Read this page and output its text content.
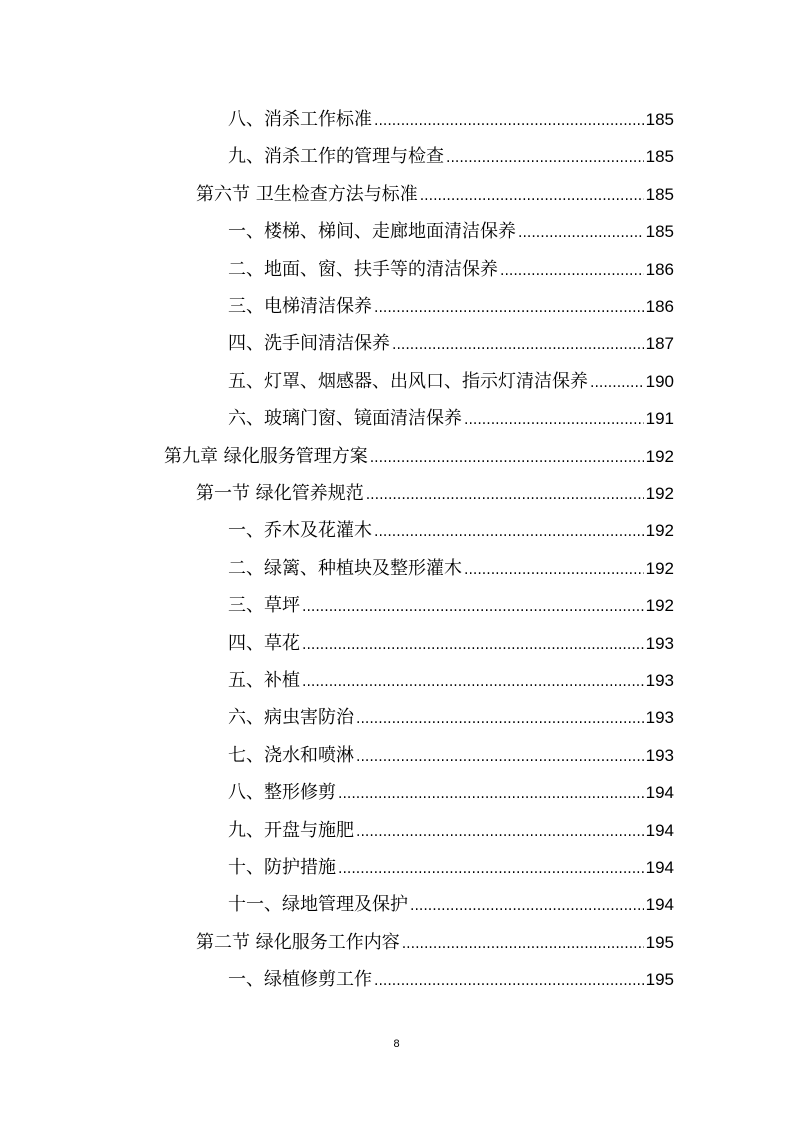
八、消杀工作标准 .....	185
九、消杀工作的管理与检查 .....	185
第六节 卫生检查方法与标准 .....	185
一、楼梯、梯间、走廊地面清洁保养 .....	185
二、地面、窗、扶手等的清洁保养 .....	186
三、电梯清洁保养 .....	186
四、洗手间清洁保养 .....	187
五、灯罩、烟感器、出风口、指示灯清洁保养 .....	190
六、玻璃门窗、镜面清洁保养 .....	191
第九章 绿化服务管理方案 .....	192
第一节 绿化管养规范 .....	192
一、乔木及花灌木 .....	192
二、绿篱、种植块及整形灌木 .....	192
三、草坪 .....	192
四、草花 .....	193
五、补植 .....	193
六、病虫害防治 .....	193
七、浇水和喷淋 .....	193
八、整形修剪 .....	194
九、开盘与施肥 .....	194
十、防护措施 .....	194
十一、绿地管理及保护 .....	194
第二节 绿化服务工作内容 .....	195
一、绿植修剪工作 .....	195
8
